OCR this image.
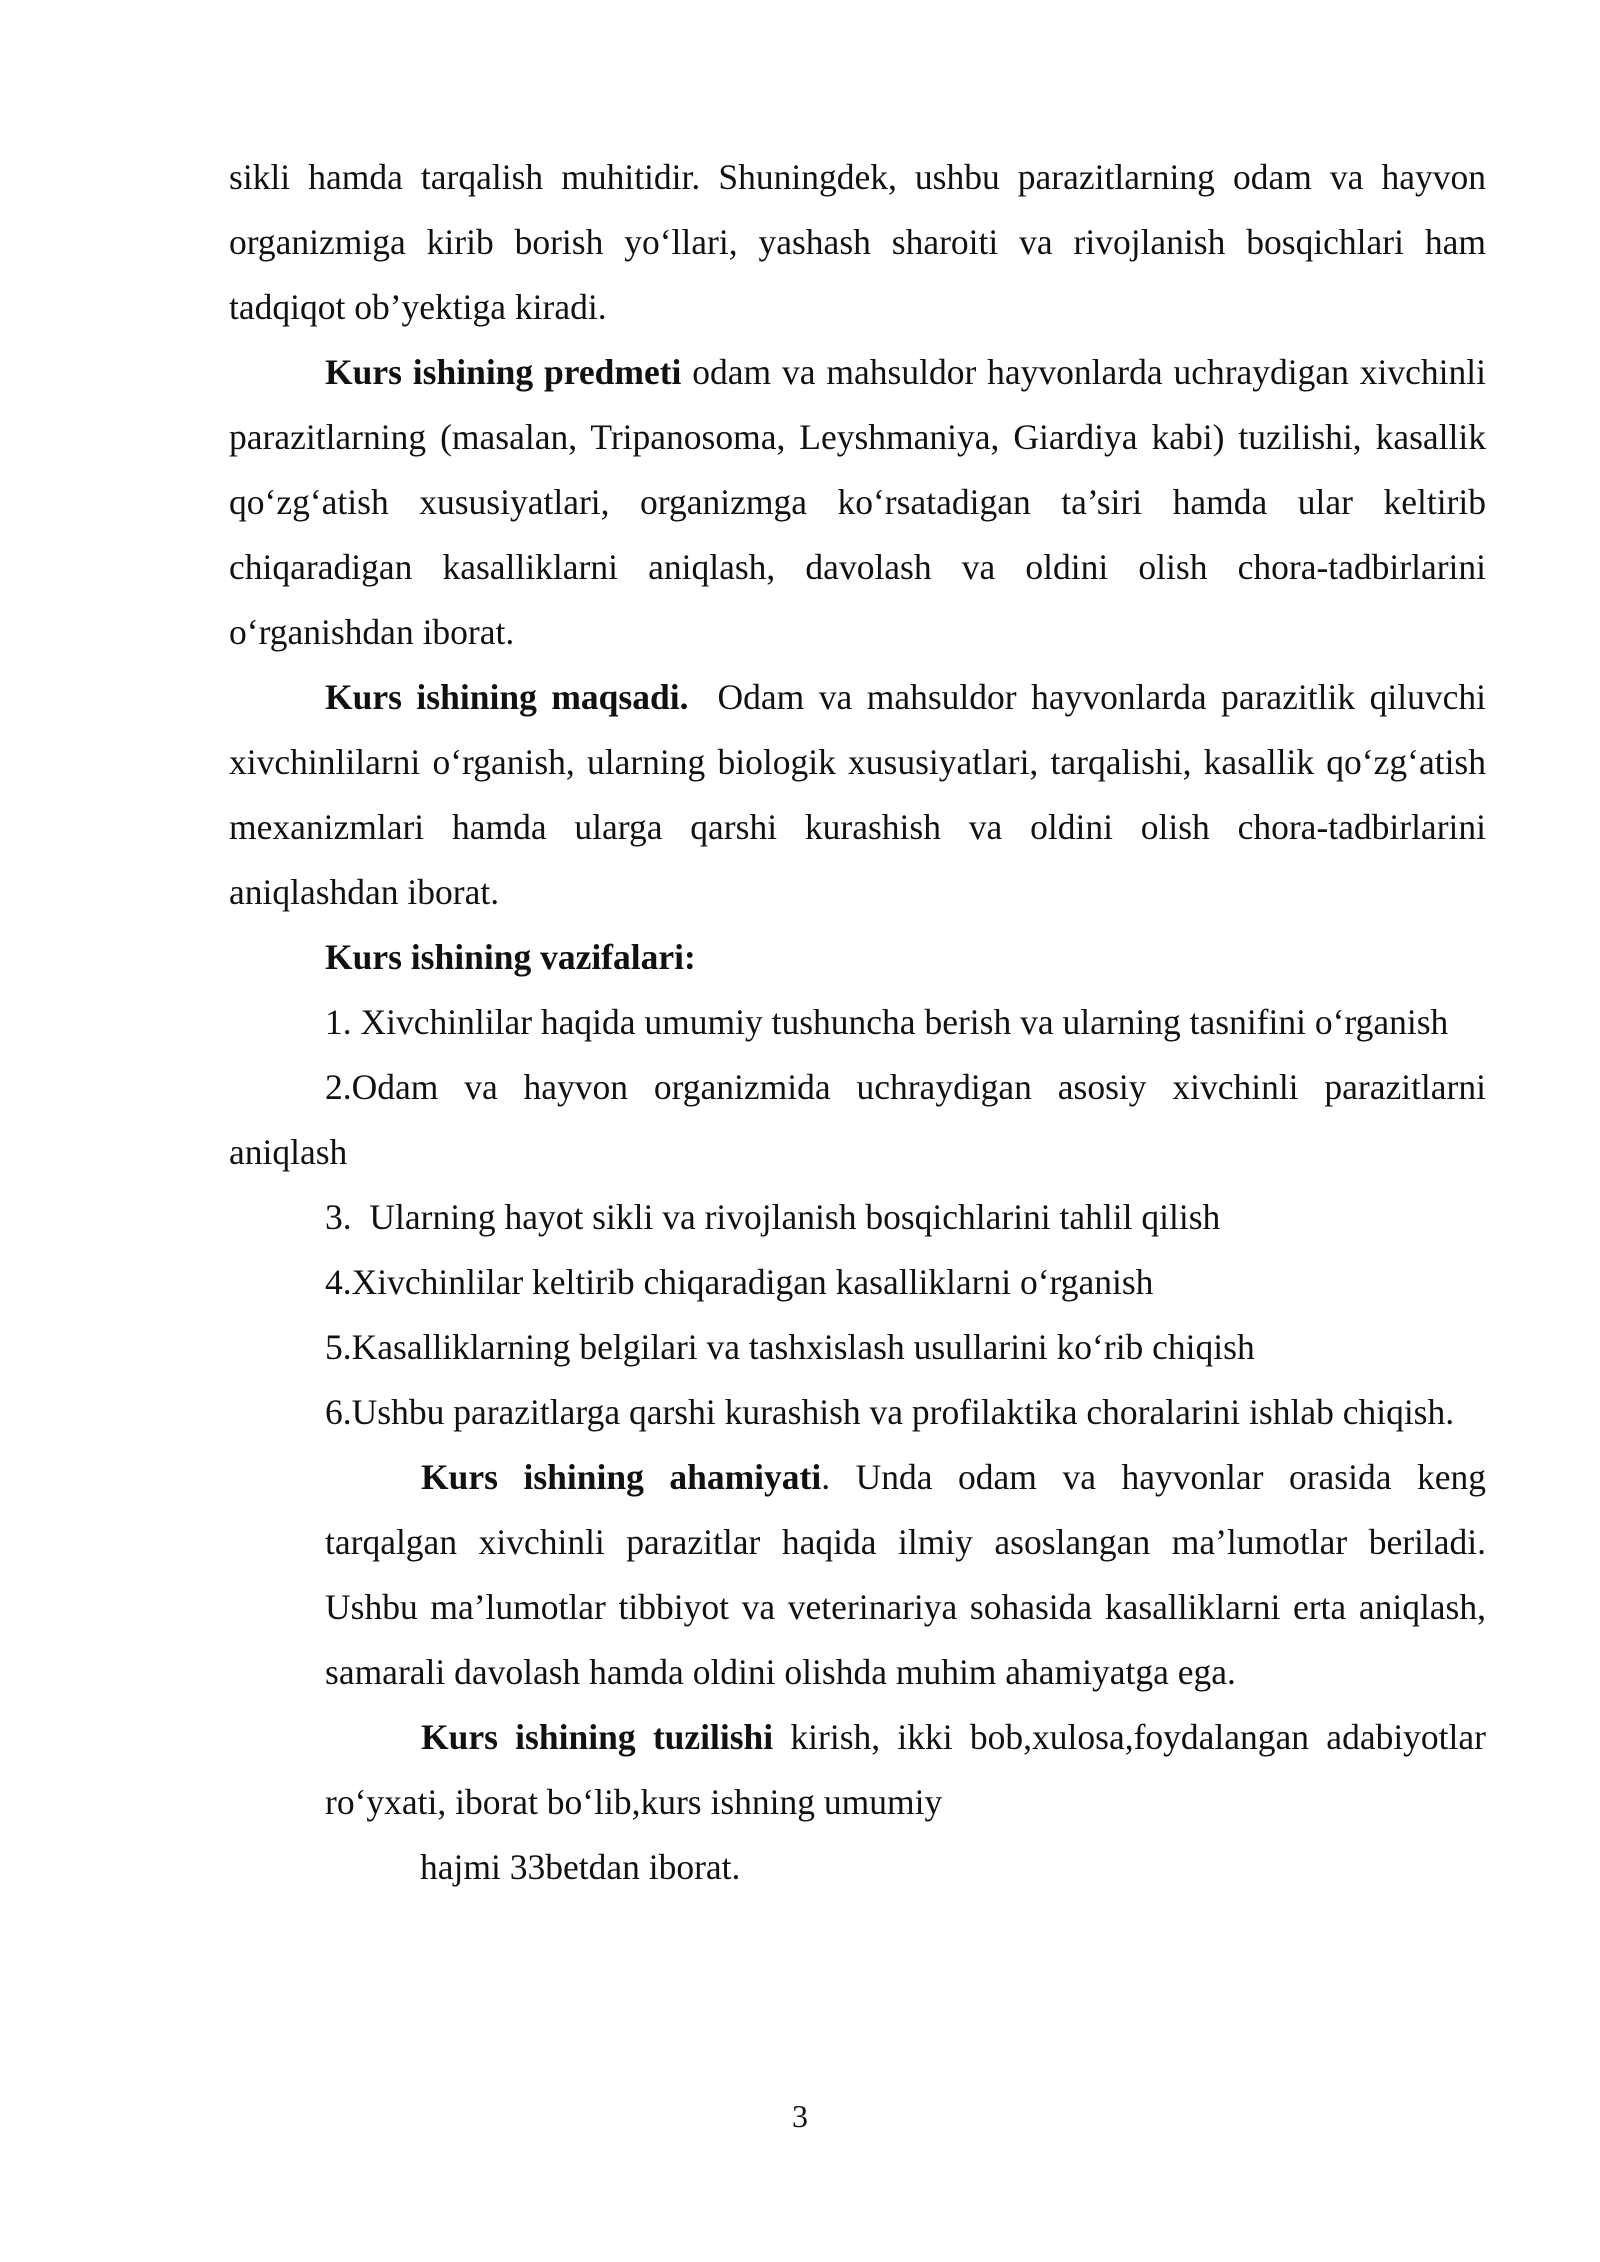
sikli hamda tarqalish muhitidir. Shuningdek, ushbu parazitlarning odam va hayvon organizmiga kirib borish yo‘llari, yashash sharoiti va rivojlanish bosqichlari ham tadqiqot ob’yektiga kiradi.

Kurs ishining predmeti odam va mahsuldor hayvonlarda uchraydigan xivchinli parazitlarning (masalan, Tripanosoma, Leyshmaniya, Giardiya kabi) tuzilishi, kasallik qo‘zg‘atish xususiyatlari, organizmga ko‘rsatadigan ta’siri hamda ular keltirib chiqaradigan kasalliklarni aniqlash, davolash va oldini olish chora-tadbirlarini o‘rganishdan iborat.

Kurs ishining maqsadi.  Odam va mahsuldor hayvonlarda parazitlik qiluvchi xivchinlilarni o‘rganish, ularning biologik xususiyatlari, tarqalishi, kasallik qo‘zg‘atish mexanizmlari hamda ularga qarshi kurashish va oldini olish chora-tadbirlarini aniqlashdan iborat.

Kurs ishining vazifalari:

1. Xivchinlilar haqida umumiy tushuncha berish va ularning tasnifini o‘rganish

2.Odam va hayvon organizmida uchraydigan asosiy xivchinli parazitlarni aniqlash

3.  Ularning hayot sikli va rivojlanish bosqichlarini tahlil qilish

4.Xivchinlilar keltirib chiqaradigan kasalliklarni o‘rganish

5.Kasalliklarning belgilari va tashxislash usullarini ko‘rib chiqish

6.Ushbu parazitlarga qarshi kurashish va profilaktika choralarini ishlab chiqish.

Kurs ishining ahamiyati. Unda odam va hayvonlar orasida keng tarqalgan xivchinli parazitlar haqida ilmiy asoslangan ma’lumotlar beriladi. Ushbu ma’lumotlar tibbiyot va veterinariya sohasida kasalliklarni erta aniqlash, samarali davolash hamda oldini olishda muhim ahamiyatga ega.

Kurs ishining tuzilishi kirish, ikki bob,xulosa,foydalangan adabiyotlar ro‘yxati, iborat bo‘lib,kurs ishning umumiy

hajmi 33betdan iborat.

3
